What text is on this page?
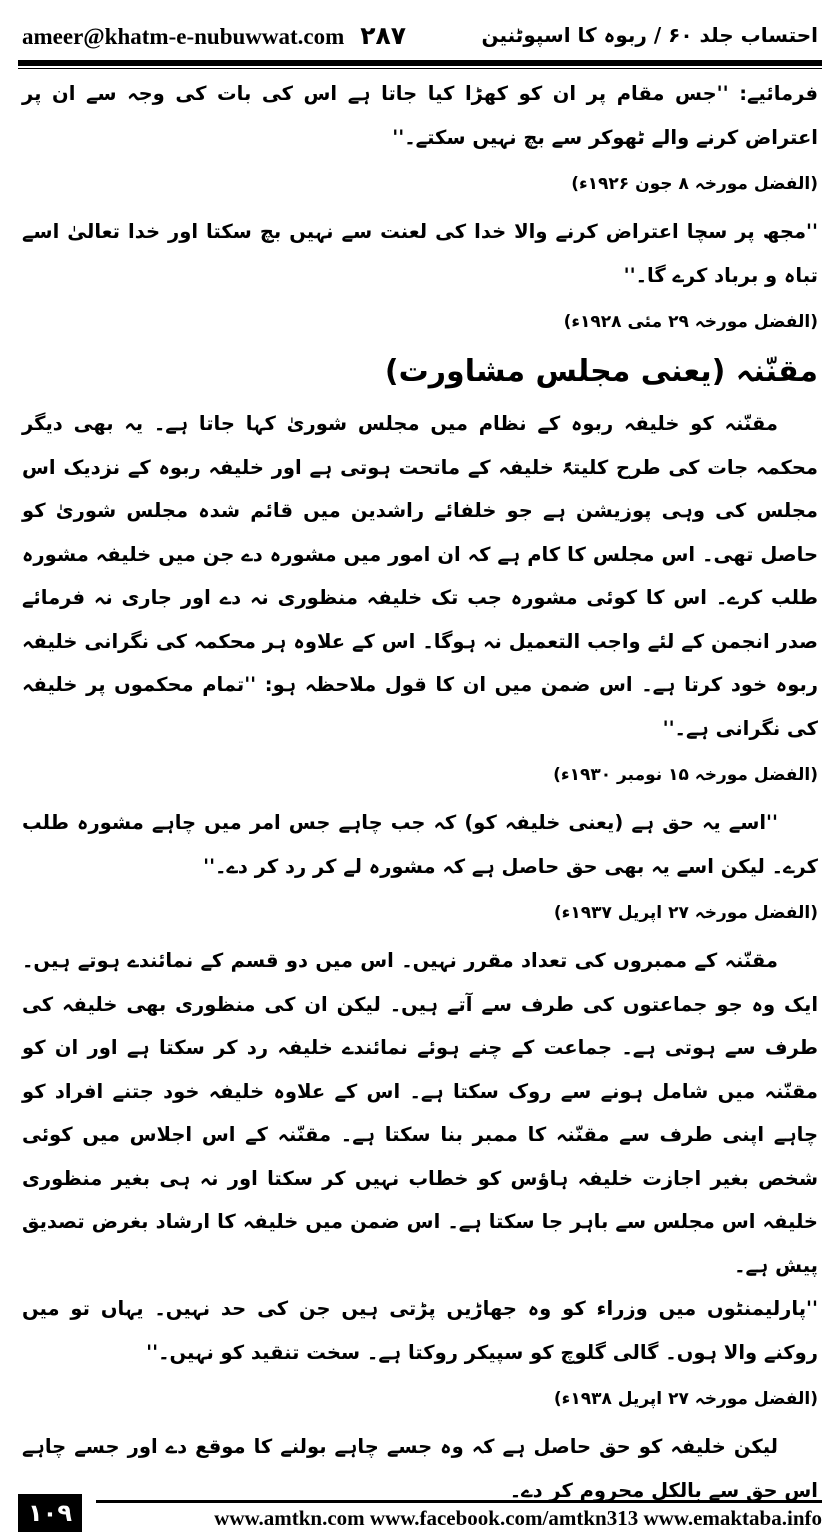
ameer@khatm-e-nubuwwat.com ۲۸۷	احتساب جلد ۶۰ / ربوہ کا اسپوٹنین

فرمائیے: ''جس مقام پر ان کو کھڑا کیا جاتا ہے اس کی بات کی وجہ سے ان پر اعتراض کرنے والے ٹھوکر سے بچ نہیں سکتے۔''

(الفضل مورخہ ۸ جون ۱۹۲۶ء)

''مجھ پر سچا اعتراض کرنے والا خدا کی لعنت سے نہیں بچ سکتا اور خدا تعالیٰ اسے تباہ و برباد کرے گا۔''

(الفضل مورخہ ۲۹ مئی ۱۹۲۸ء)
مقنّنہ (یعنی مجلس مشاورت)

مقنّنہ کو خلیفہ ربوہ کے نظام میں مجلس شوریٰ کہا جاتا ہے۔ یہ بھی دیگر محکمہ جات کی طرح کلیتہً خلیفہ کے ماتحت ہوتی ہے اور خلیفہ ربوہ کے نزدیک اس مجلس کی وہی پوزیشن ہے جو خلفائے راشدین میں قائم شدہ مجلس شوریٰ کو حاصل تھی۔ اس مجلس کا کام ہے کہ ان امور میں مشورہ دے جن میں خلیفہ مشورہ طلب کرے۔ اس کا کوئی مشورہ جب تک خلیفہ منظوری نہ دے اور جاری نہ فرمائے صدر انجمن کے لئے واجب التعمیل نہ ہوگا۔ اس کے علاوہ ہر محکمہ کی نگرانی خلیفہ ربوہ خود کرتا ہے۔ اس ضمن میں ان کا قول ملاحظہ ہو: ''تمام محکموں پر خلیفہ کی نگرانی ہے۔''

(الفضل مورخہ ۱۵ نومبر ۱۹۳۰ء)

''اسے یہ حق ہے (یعنی خلیفہ کو) کہ جب چاہے جس امر میں چاہے مشورہ طلب کرے۔ لیکن اسے یہ بھی حق حاصل ہے کہ مشورہ لے کر رد کر دے۔''

(الفضل مورخہ ۲۷ اپریل ۱۹۳۷ء)

مقنّنہ کے ممبروں کی تعداد مقرر نہیں۔ اس میں دو قسم کے نمائندے ہوتے ہیں۔ ایک وہ جو جماعتوں کی طرف سے آتے ہیں۔ لیکن ان کی منظوری بھی خلیفہ کی طرف سے ہوتی ہے۔ جماعت کے چنے ہوئے نمائندے خلیفہ رد کر سکتا ہے اور ان کو مقنّنہ میں شامل ہونے سے روک سکتا ہے۔ اس کے علاوہ خلیفہ خود جتنے افراد کو چاہے اپنی طرف سے مقنّنہ کا ممبر بنا سکتا ہے۔ مقنّنہ کے اس اجلاس میں کوئی شخص بغیر اجازت خلیفہ ہاؤس کو خطاب نہیں کر سکتا اور نہ ہی بغیر منظوری خلیفہ اس مجلس سے باہر جا سکتا ہے۔ اس ضمن میں خلیفہ کا ارشاد بغرض تصدیق پیش ہے۔

''پارلیمنٹوں میں وزراء کو وہ جھاڑیں پڑتی ہیں جن کی حد نہیں۔ یہاں تو میں روکنے والا ہوں۔ گالی گلوچ کو سپیکر روکتا ہے۔ سخت تنقید کو نہیں۔''

(الفضل مورخہ ۲۷ اپریل ۱۹۳۸ء)

لیکن خلیفہ کو حق حاصل ہے کہ وہ جسے چاہے بولنے کا موقع دے اور جسے چاہے اس حق سے بالکل محروم کر دے۔

۱۰۹	www.amtkn.com www.facebook.com/amtkn313 www.emaktaba.info
